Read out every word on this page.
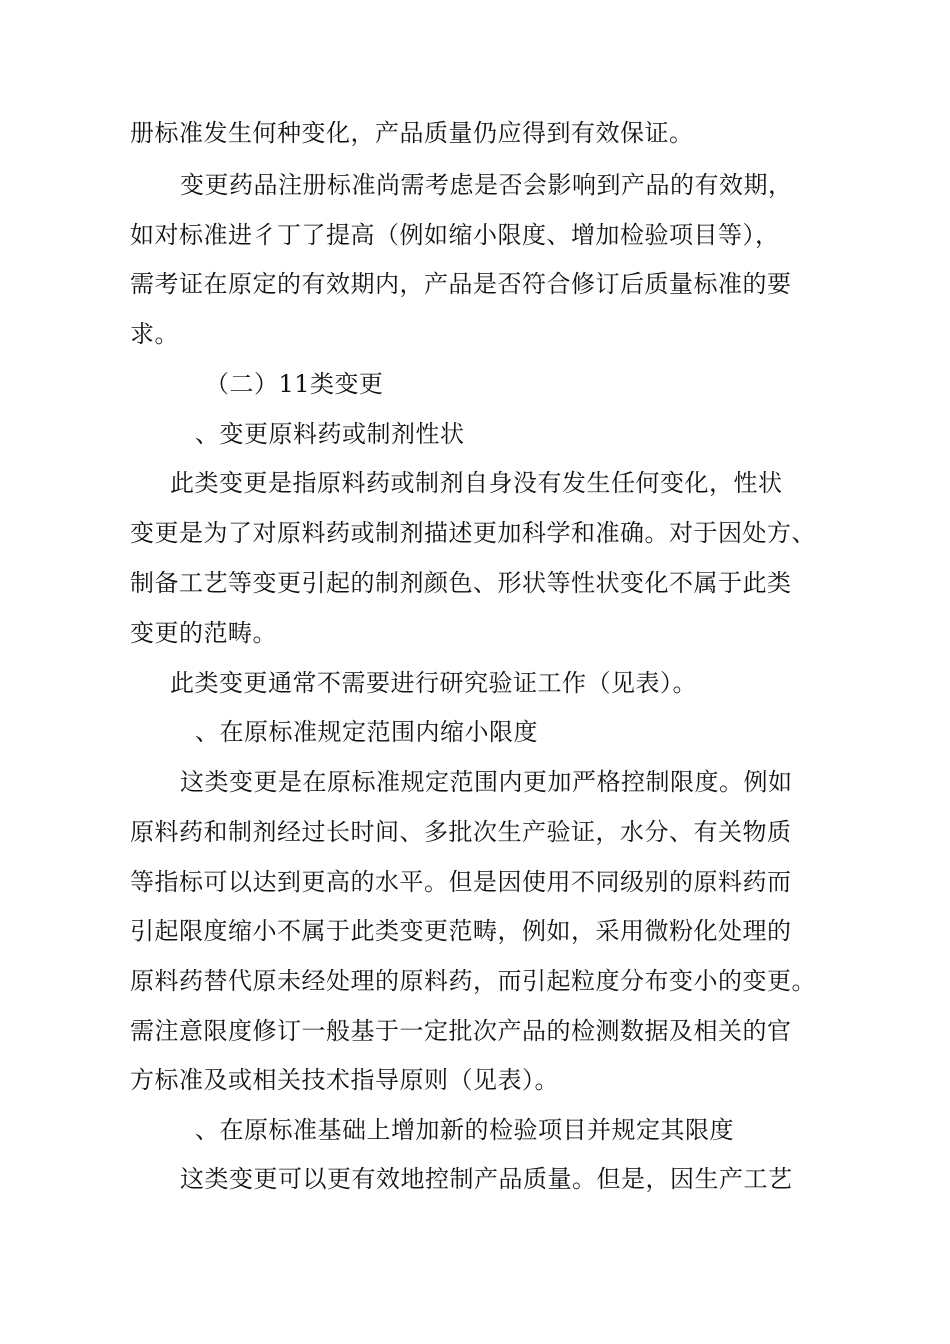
册标准发生何种变化，产品质量仍应得到有效保证。
变更药品注册标准尚需考虑是否会影响到产品的有效期，
如对标准进彳丁了提高（例如缩小限度、增加检验项目等），
需考证在原定的有效期内，产品是否符合修订后质量标准的要
求。
（二）11类变更
、变更原料药或制剂性状
此类变更是指原料药或制剂自身没有发生任何变化，性状
变更是为了对原料药或制剂描述更加科学和准确。对于因处方、
制备工艺等变更引起的制剂颜色、形状等性状变化不属于此类
变更的范畴。
此类变更通常不需要进行研究验证工作（见表）。
、在原标准规定范围内缩小限度
这类变更是在原标准规定范围内更加严格控制限度。例如
原料药和制剂经过长时间、多批次生产验证，水分、有关物质
等指标可以达到更高的水平。但是因使用不同级别的原料药而
引起限度缩小不属于此类变更范畴，例如，采用微粉化处理的
原料药替代原未经处理的原料药，而引起粒度分布变小的变更。
需注意限度修订一般基于一定批次产品的检测数据及相关的官
方标准及或相关技术指导原则（见表）。
、在原标准基础上增加新的检验项目并规定其限度
这类变更可以更有效地控制产品质量。但是，因生产工艺
